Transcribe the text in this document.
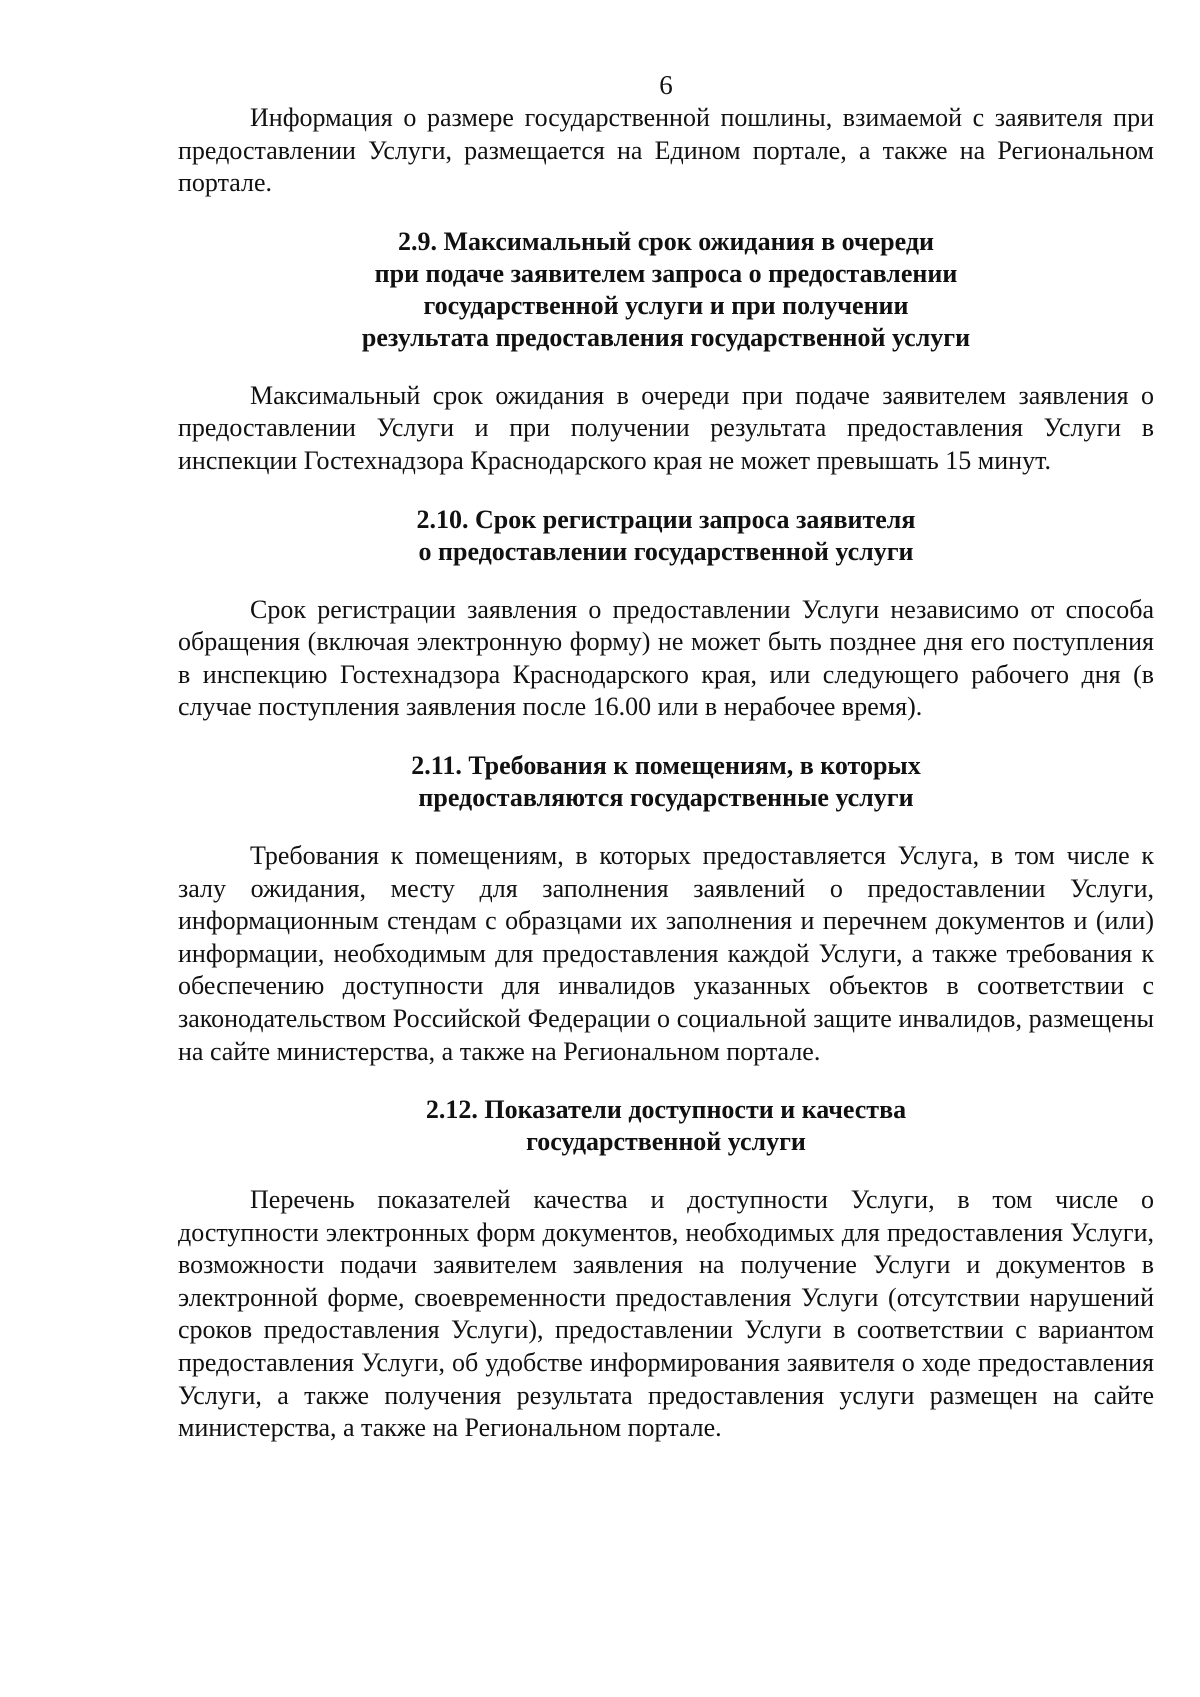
6

Информация о размере государственной пошлины, взимаемой с заявителя при предоставлении Услуги, размещается на Едином портале, а также на Региональном портале.

2.9. Максимальный срок ожидания в очереди
при подаче заявителем запроса о предоставлении
государственной услуги и при получении
результата предоставления государственной услуги

Максимальный срок ожидания в очереди при подаче заявителем заявления о предоставлении Услуги и при получении результата предоставления Услуги в инспекции Гостехнадзора Краснодарского края не может превышать 15 минут.

2.10. Срок регистрации запроса заявителя
о предоставлении государственной услуги

Срок регистрации заявления о предоставлении Услуги независимо от способа обращения (включая электронную форму) не может быть позднее дня его поступления в инспекцию Гостехнадзора Краснодарского края, или следующего рабочего дня (в случае поступления заявления после 16.00 или в нерабочее время).

2.11. Требования к помещениям, в которых
предоставляются государственные услуги

Требования к помещениям, в которых предоставляется Услуга, в том числе к залу ожидания, месту для заполнения заявлений о предоставлении Услуги, информационным стендам с образцами их заполнения и перечнем документов и (или) информации, необходимым для предоставления каждой Услуги, а также требования к обеспечению доступности для инвалидов указанных объектов в соответствии с законодательством Российской Федерации о социальной защите инвалидов, размещены на сайте министерства, а также на Региональном портале.

2.12. Показатели доступности и качества
государственной услуги

Перечень показателей качества и доступности Услуги, в том числе о доступности электронных форм документов, необходимых для предоставления Услуги, возможности подачи заявителем заявления на получение Услуги и документов в электронной форме, своевременности предоставления Услуги (отсутствии нарушений сроков предоставления Услуги), предоставлении Услуги в соответствии с вариантом предоставления Услуги, об удобстве информирования заявителя о ходе предоставления Услуги, а также получения результата предоставления услуги размещен на сайте министерства, а также на Региональном портале.
